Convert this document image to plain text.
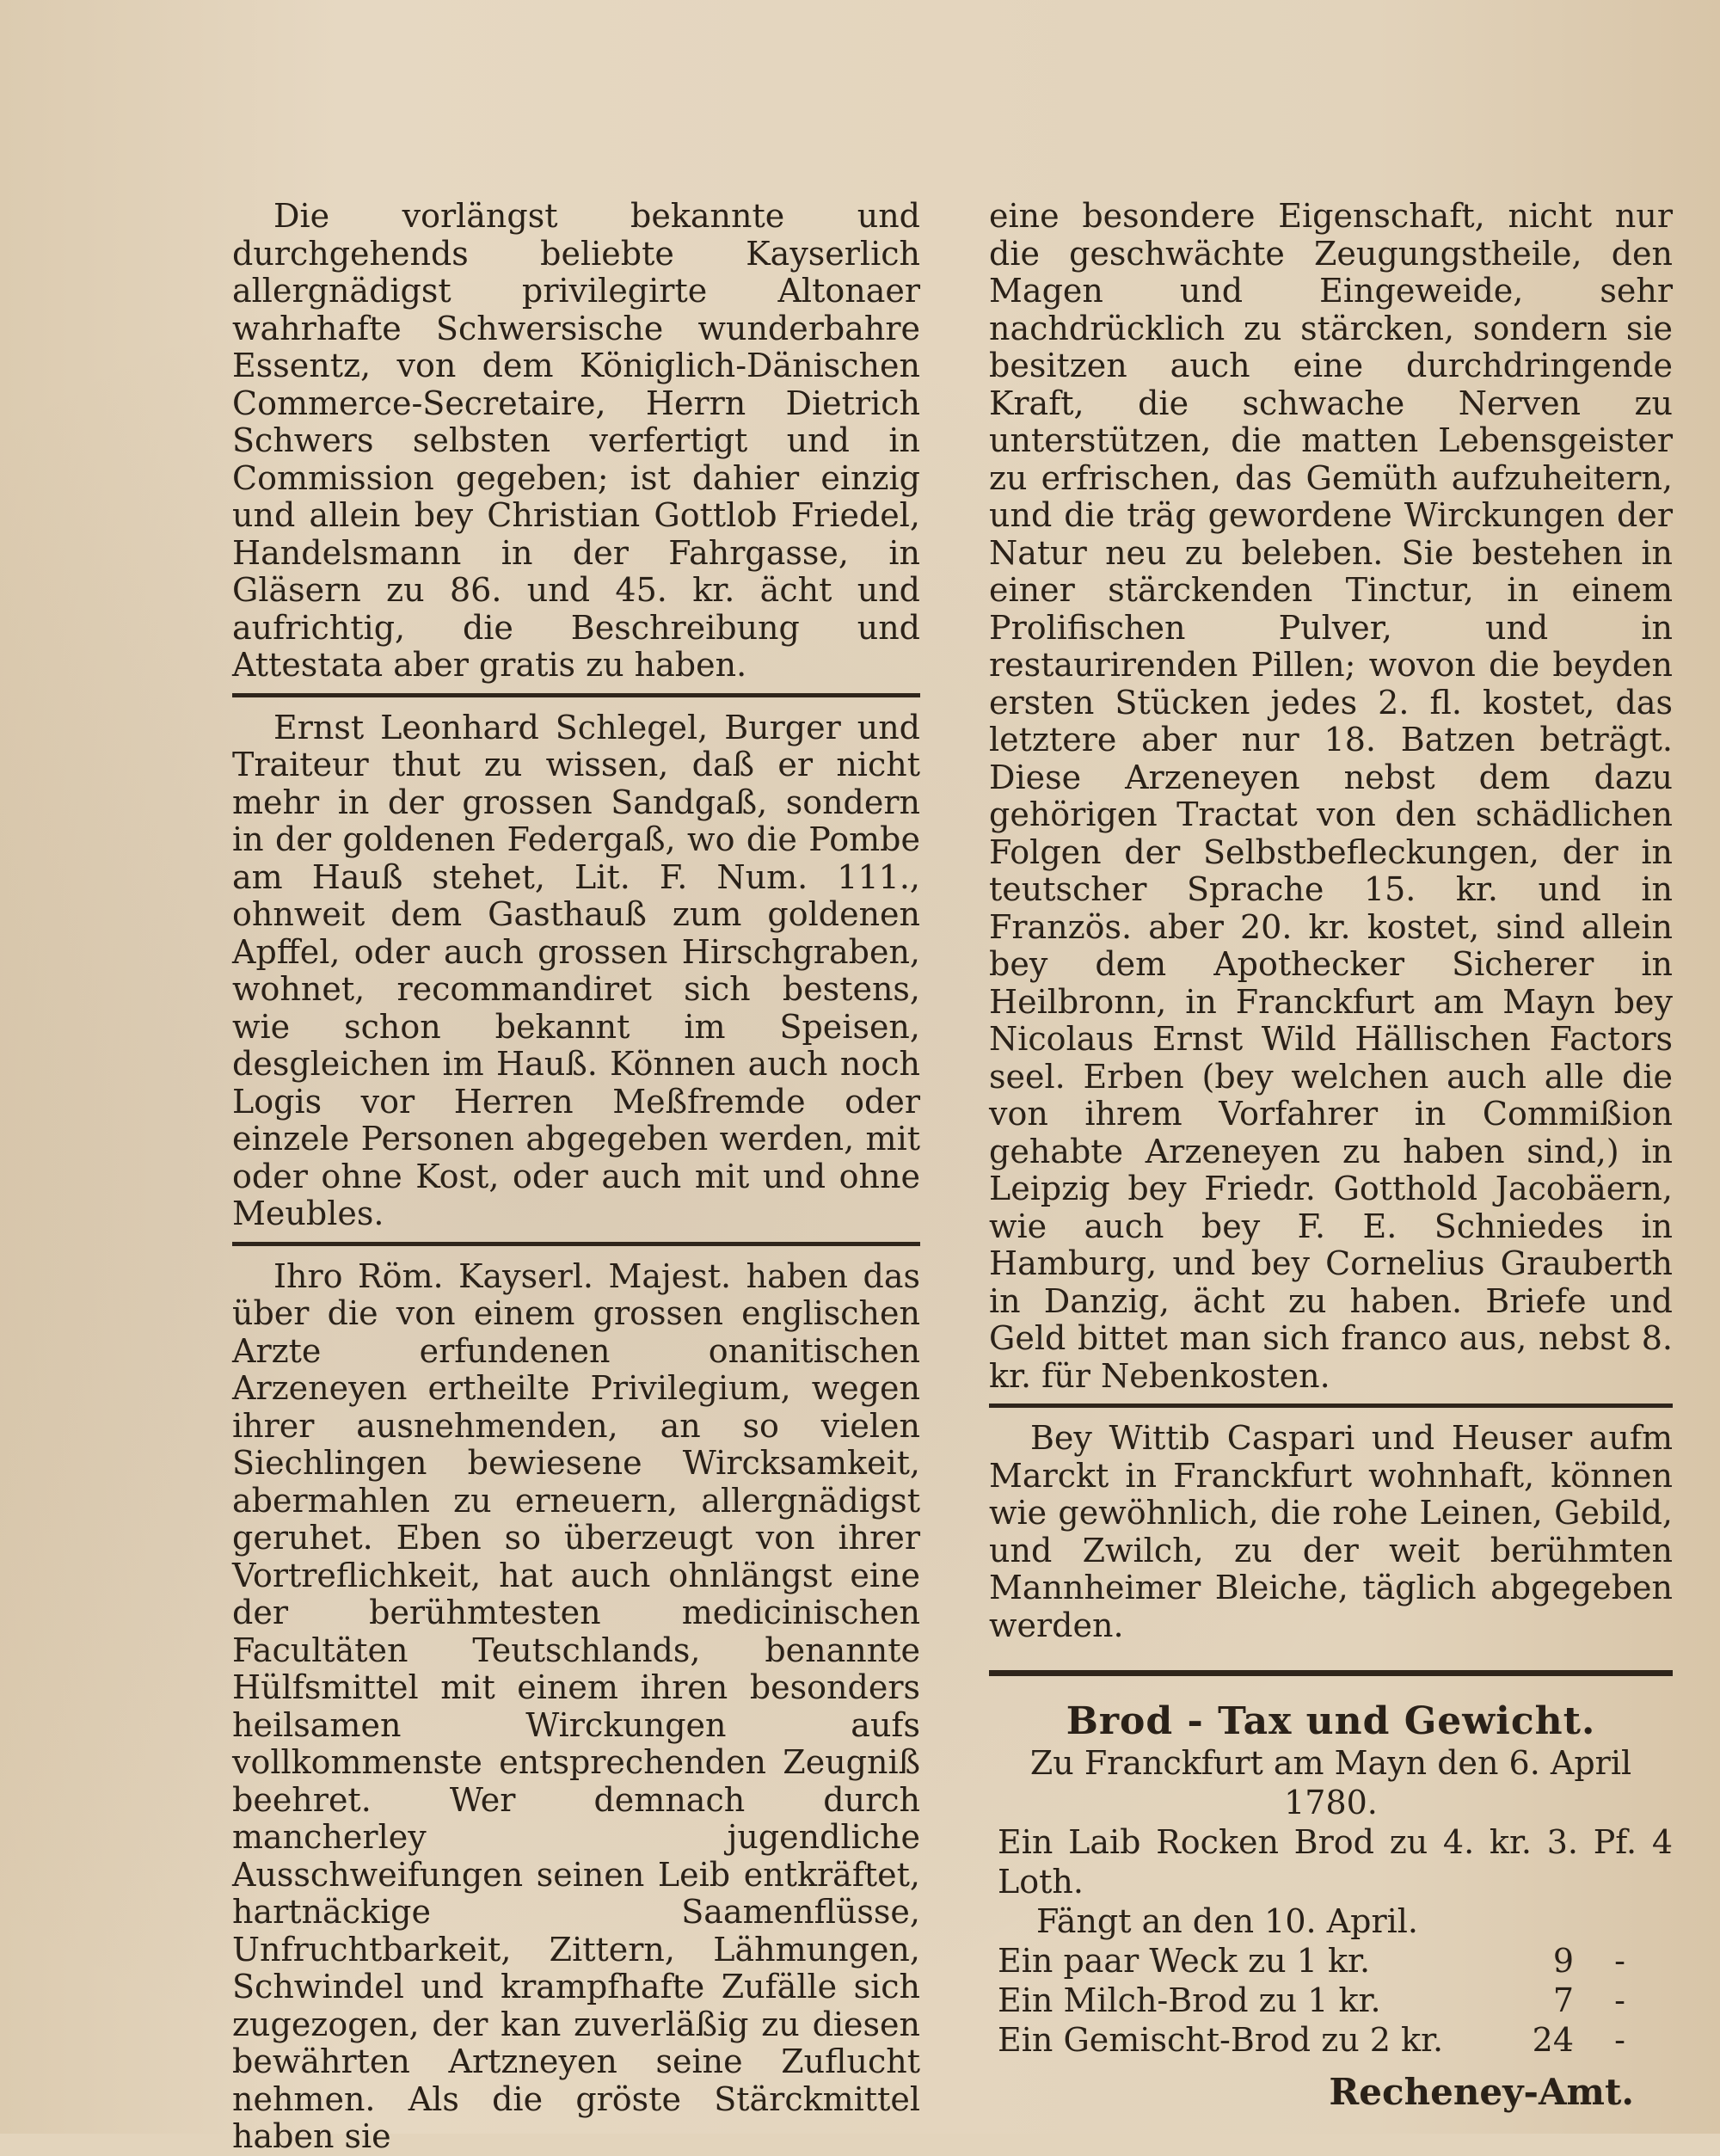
Die vorlängst bekannte und durchgehends beliebte Kayserlich allergnädigst privilegirte Altonaer wahrhafte Schwersische wunderbahre Essentz, von dem Königlich-Dänischen Commerce-Secretaire, Herrn Dietrich Schwers selbsten verfertigt und in Commission gegeben; ist dahier einzig und allein bey Christian Gottlob Friedel, Handelsmann in der Fahrgasse, in Gläsern zu 86. und 45. kr. ächt und aufrichtig, die Beschreibung und Attestata aber gratis zu haben.

Ernst Leonhard Schlegel, Burger und Traiteur thut zu wissen, daß er nicht mehr in der grossen Sandgaß, sondern in der goldenen Federgaß, wo die Pombe am Hauß stehet, Lit. F. Num. 111., ohnweit dem Gasthauß zum goldenen Apffel, oder auch grossen Hirschgraben, wohnet, recommandiret sich bestens, wie schon bekannt im Speisen, desgleichen im Hauß. Können auch noch Logis vor Herren Meßfremde oder einzele Personen abgegeben werden, mit oder ohne Kost, oder auch mit und ohne Meubles.

Ihro Röm. Kayserl. Majest. haben das über die von einem grossen englischen Arzte erfundenen onanitischen Arzeneyen ertheilte Privilegium, wegen ihrer ausnehmenden, an so vielen Siechlingen bewiesene Wircksamkeit, abermahlen zu erneuern, allergnädigst geruhet. Eben so überzeugt von ihrer Vortreflichkeit, hat auch ohnlängst eine der berühmtesten medicinischen Facultäten Teutschlands, benannte Hülfsmittel mit einem ihren besonders heilsamen Wirckungen aufs vollkommenste entsprechenden Zeugniß beehret. Wer demnach durch mancherley jugendliche Ausschweifungen seinen Leib entkräftet, hartnäckige Saamenflüsse, Unfruchtbarkeit, Zittern, Lähmungen, Schwindel und krampfhafte Zufälle sich zugezogen, der kan zuverläßig zu diesen bewährten Artzneyen seine Zuflucht nehmen. Als die gröste Stärckmittel haben sie

eine besondere Eigenschaft, nicht nur die geschwächte Zeugungstheile, den Magen und Eingeweide, sehr nachdrücklich zu stärcken, sondern sie besitzen auch eine durchdringende Kraft, die schwache Nerven zu unterstützen, die matten Lebensgeister zu erfrischen, das Gemüth aufzuheitern, und die träg gewordene Wirckungen der Natur neu zu beleben. Sie bestehen in einer stärckenden Tinctur, in einem Prolifischen Pulver, und in restaurirenden Pillen; wovon die beyden ersten Stücken jedes 2. fl. kostet, das letztere aber nur 18. Batzen beträgt. Diese Arzeneyen nebst dem dazu gehörigen Tractat von den schädlichen Folgen der Selbstbefleckungen, der in teutscher Sprache 15. kr. und in Französ. aber 20. kr. kostet, sind allein bey dem Apothecker Sicherer in Heilbronn, in Franckfurt am Mayn bey Nicolaus Ernst Wild Hällischen Factors seel. Erben (bey welchen auch alle die von ihrem Vorfahrer in Commißion gehabte Arzeneyen zu haben sind,) in Leipzig bey Friedr. Gotthold Jacobäern, wie auch bey F. E. Schniedes in Hamburg, und bey Cornelius Grauberth in Danzig, ächt zu haben. Briefe und Geld bittet man sich franco aus, nebst 8. kr. für Nebenkosten.

Bey Wittib Caspari und Heuser aufm Marckt in Franckfurt wohnhaft, können wie gewöhnlich, die rohe Leinen, Gebild, und Zwilch, zu der weit berühmten Mannheimer Bleiche, täglich abgegeben werden.

Brod - Tax und Gewicht.
Zu Franckfurt am Mayn den 6. April 1780.
Ein Laib Rocken Brod zu 4. kr. 3. Pf. 4 Loth.
Fängt an den 10. April.
Ein paar Weck zu 1 kr.	9	-
Ein Milch-Brod zu 1 kr.	7	-
Ein Gemischt-Brod zu 2 kr.	24	-
Recheney-Amt.
